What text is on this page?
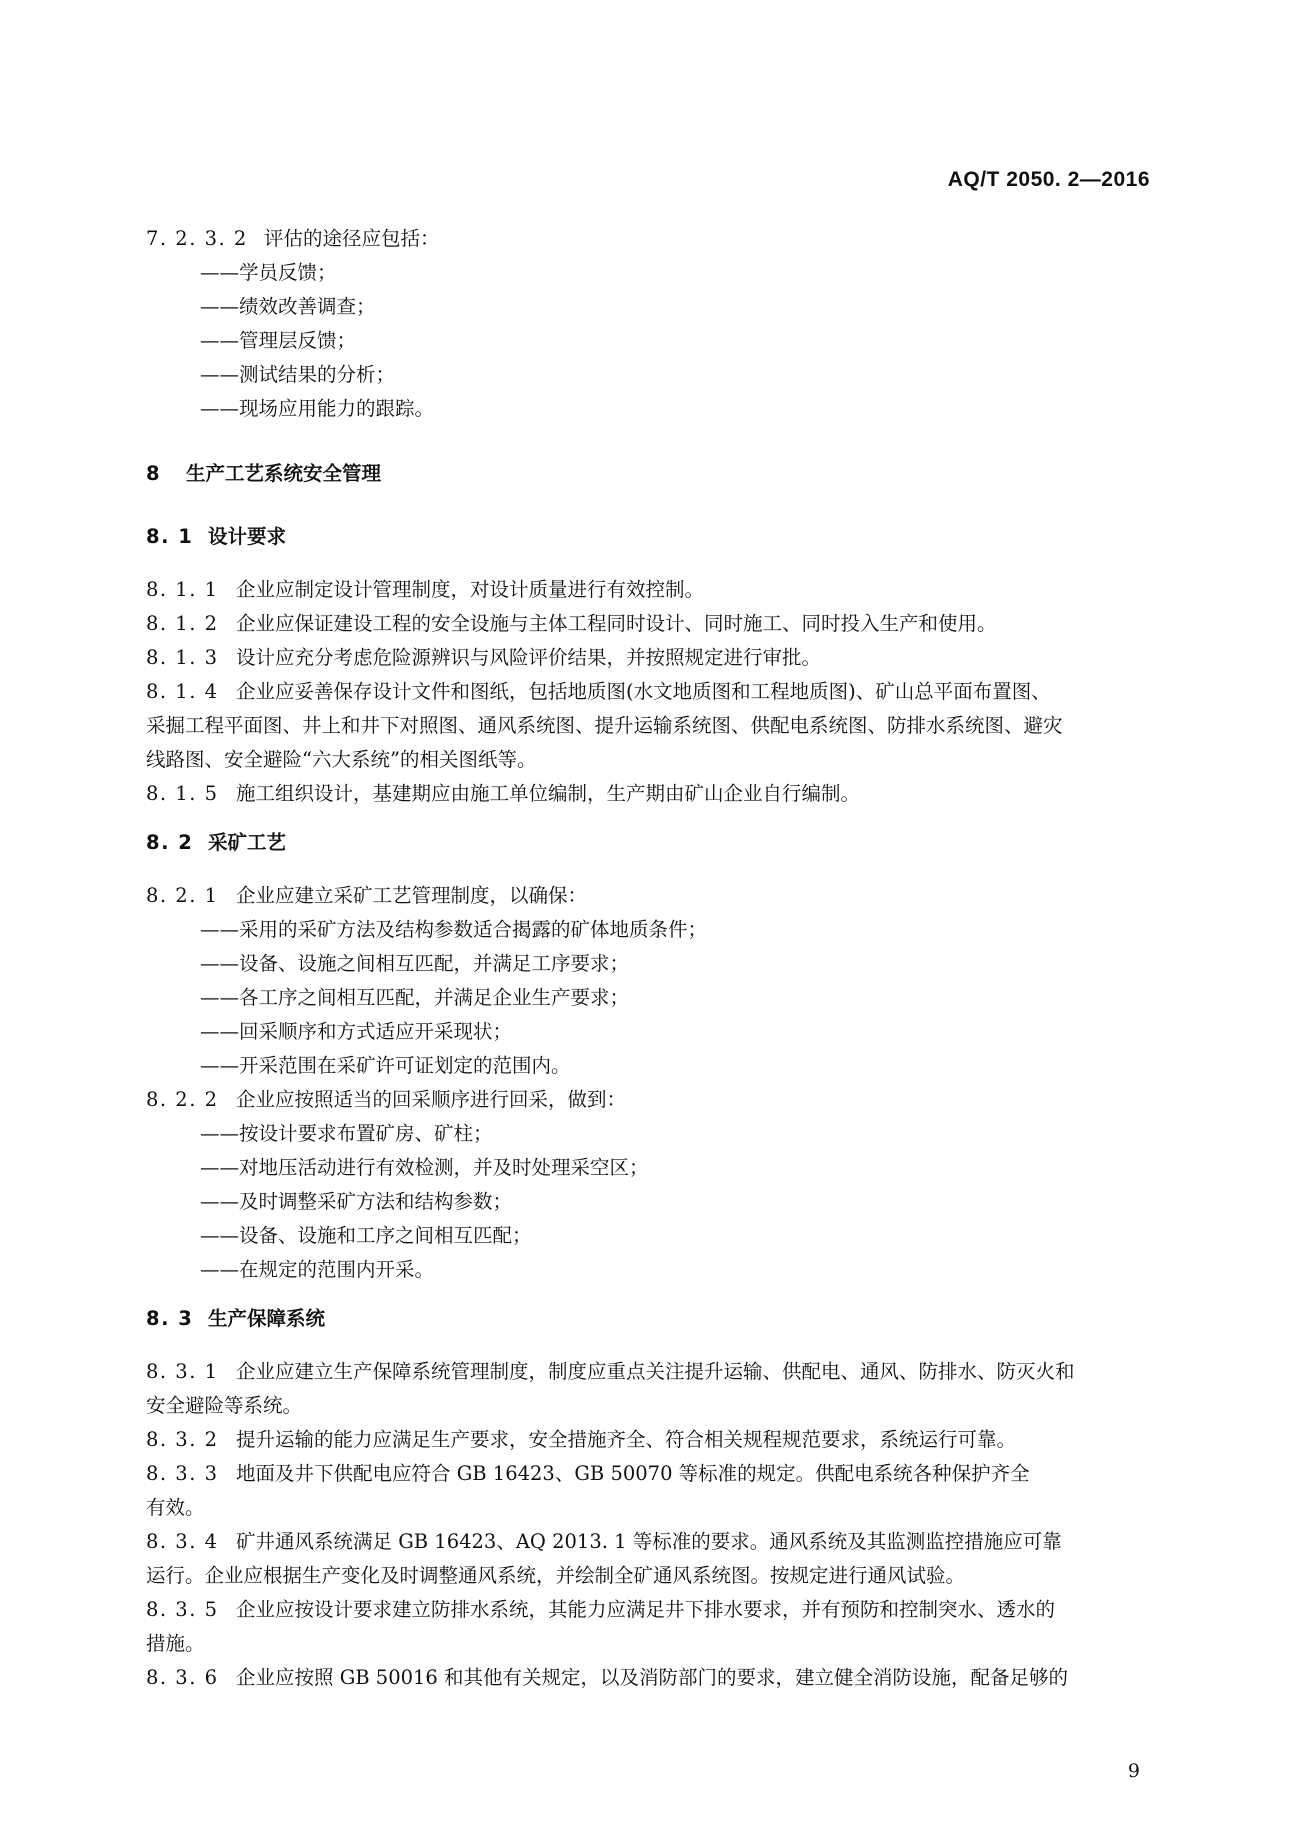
AQ/T 2050. 2—2016
7. 2. 3. 2 评估的途径应包括：
——学员反馈；
——绩效改善调查；
——管理层反馈；
——测试结果的分析；
——现场应用能力的跟踪。
8 生产工艺系统安全管理
8. 1 设计要求
8. 1. 1 企业应制定设计管理制度，对设计质量进行有效控制。
8. 1. 2 企业应保证建设工程的安全设施与主体工程同时设计、同时施工、同时投入生产和使用。
8. 1. 3 设计应充分考虑危险源辨识与风险评价结果，并按照规定进行审批。
8. 1. 4 企业应妥善保存设计文件和图纸，包括地质图(水文地质图和工程地质图)、矿山总平面布置图、
采掘工程平面图、井上和井下对照图、通风系统图、提升运输系统图、供配电系统图、防排水系统图、避灾
线路图、安全避险“六大系统”的相关图纸等。
8. 1. 5 施工组织设计，基建期应由施工单位编制，生产期由矿山企业自行编制。
8. 2 采矿工艺
8. 2. 1 企业应建立采矿工艺管理制度，以确保：
——采用的采矿方法及结构参数适合揭露的矿体地质条件；
——设备、设施之间相互匹配，并满足工序要求；
——各工序之间相互匹配，并满足企业生产要求；
——回采顺序和方式适应开采现状；
——开采范围在采矿许可证划定的范围内。
8. 2. 2 企业应按照适当的回采顺序进行回采，做到：
——按设计要求布置矿房、矿柱；
——对地压活动进行有效检测，并及时处理采空区；
——及时调整采矿方法和结构参数；
——设备、设施和工序之间相互匹配；
——在规定的范围内开采。
8. 3 生产保障系统
8. 3. 1 企业应建立生产保障系统管理制度，制度应重点关注提升运输、供配电、通风、防排水、防灭火和
安全避险等系统。
8. 3. 2 提升运输的能力应满足生产要求，安全措施齐全、符合相关规程规范要求，系统运行可靠。
8. 3. 3 地面及井下供配电应符合 GB 16423、GB 50070 等标准的规定。供配电系统各种保护齐全
有效。
8. 3. 4 矿井通风系统满足 GB 16423、AQ 2013. 1 等标准的要求。通风系统及其监测监控措施应可靠
运行。企业应根据生产变化及时调整通风系统，并绘制全矿通风系统图。按规定进行通风试验。
8. 3. 5 企业应按设计要求建立防排水系统，其能力应满足井下排水要求，并有预防和控制突水、透水的
措施。
8. 3. 6 企业应按照 GB 50016 和其他有关规定，以及消防部门的要求，建立健全消防设施，配备足够的
9
